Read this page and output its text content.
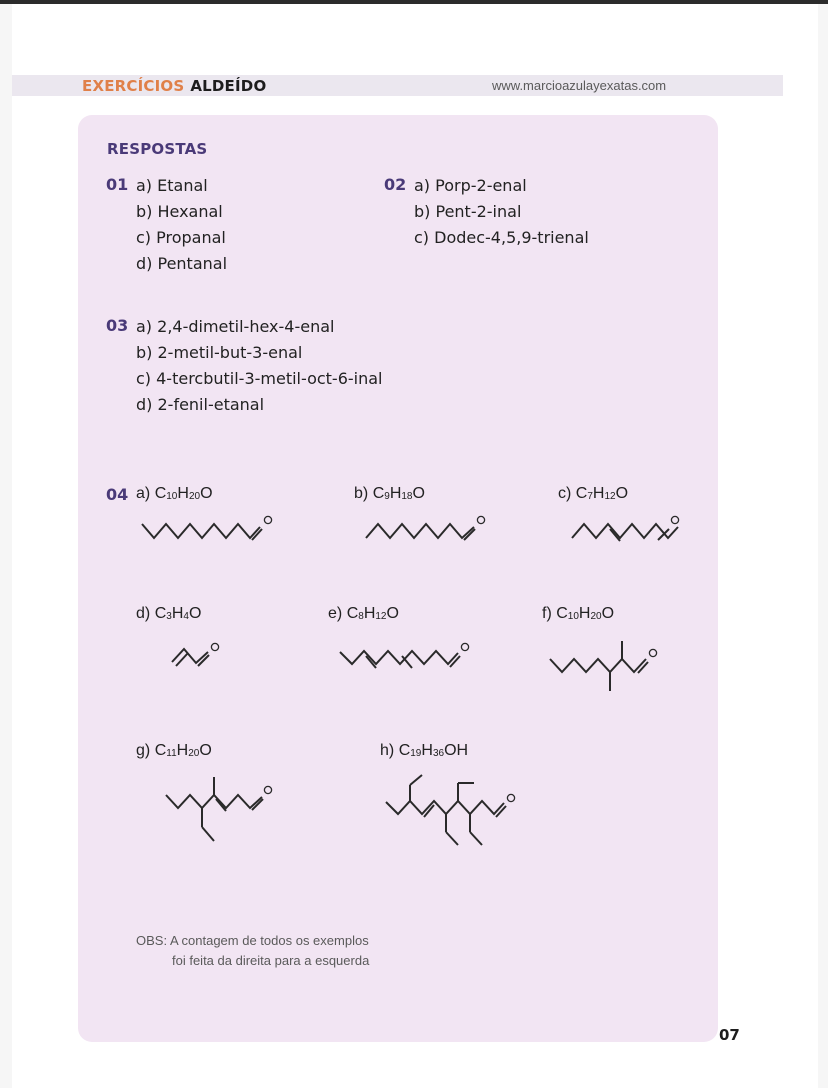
EXERCÍCIOS ALDEÍDO	www.marcioazulayexatas.com
RESPOSTAS
01 a) Etanal
b) Hexanal
c) Propanal
d) Pentanal
02 a) Porp-2-enal
b) Pent-2-inal
c) Dodec-4,5,9-trienal
03 a) 2,4-dimetil-hex-4-enal
b) 2-metil-but-3-enal
c) 4-tercbutil-3-metil-oct-6-inal
d) 2-fenil-etanal
04 a) $C_{10}H_{20}O$	b) $C_9H_{18}O$	c) $C_7H_{12}O$
d) $C_3H_4O$	e) $C_8H_{12}O$	f) $C_{10}H_{20}O$
g) $C_{11}H_{20}O$	h) $C_{19}H_{36}OH$
OBS: A contagem de todos os exemplos
foi feita da direita para a esquerda
07
